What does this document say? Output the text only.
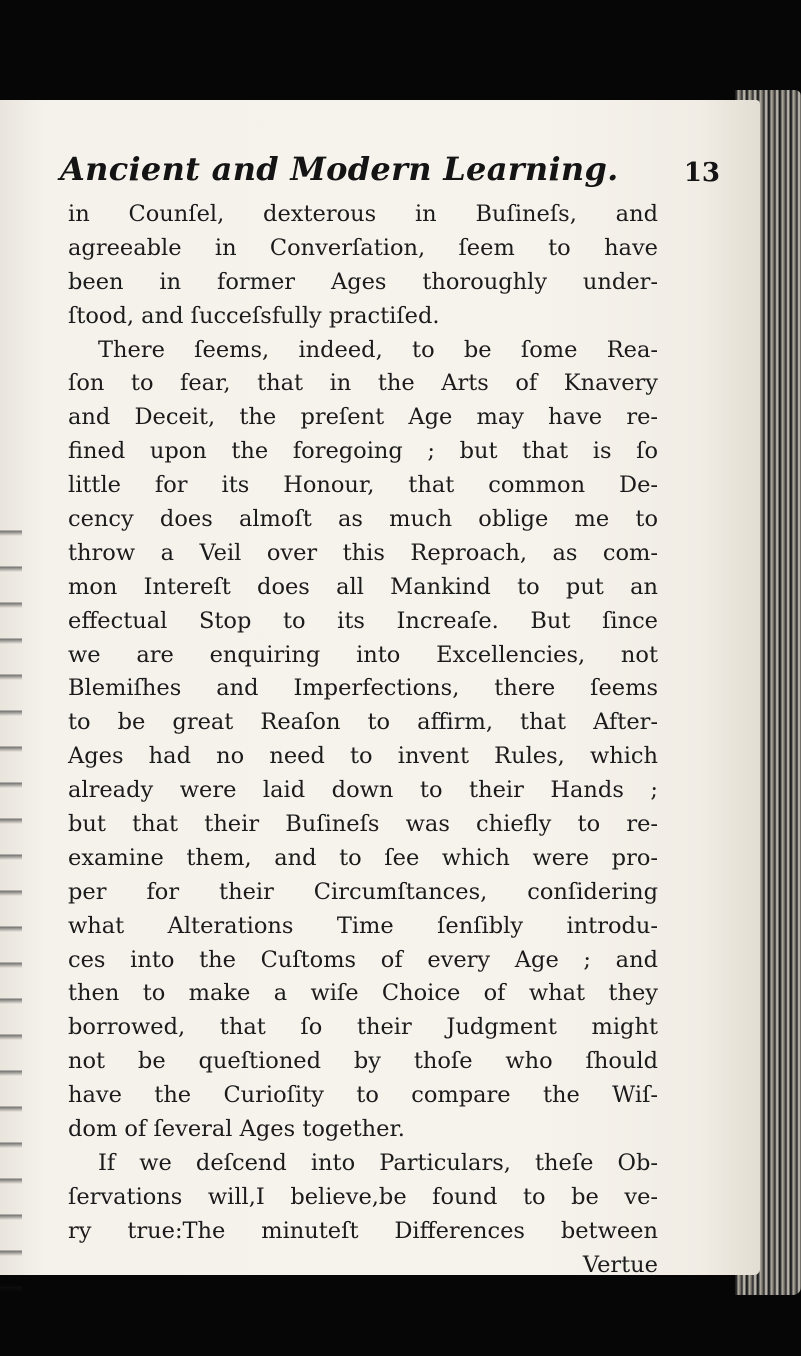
Ancient and Modern Learning.	13
in Counſel, dexterous in Buſineſs, and
agreeable in Converſation, ſeem to have
been in former Ages thoroughly under-
ſtood, and ſucceſsfully practiſed.
There ſeems, indeed, to be ſome Rea-
ſon to fear, that in the Arts of Knavery
and Deceit, the preſent Age may have re-
fined upon the foregoing ; but that is ſo
little for its Honour, that common De-
cency does almoſt as much oblige me to
throw a Veil over this Reproach, as com-
mon Intereſt does all Mankind to put an
effectual Stop to its Increaſe. But ſince
we are enquiring into Excellencies, not
Blemiſhes and Imperfections, there ſeems
to be great Reaſon to affirm, that After-
Ages had no need to invent Rules, which
already were laid down to their Hands ;
but that their Buſineſs was chiefly to re-
examine them, and to ſee which were pro-
per for their Circumſtances, conſidering
what Alterations Time ſenſibly introdu-
ces into the Cuſtoms of every Age ; and
then to make a wiſe Choice of what they
borrowed, that ſo their Judgment might
not be queſtioned by thoſe who ſhould
have the Curioſity to compare the Wiſ-
dom of ſeveral Ages together.
If we deſcend into Particulars, theſe Ob-
ſervations will,I believe,be found to be ve-
ry true:The minuteſt Differences between
Vertue
